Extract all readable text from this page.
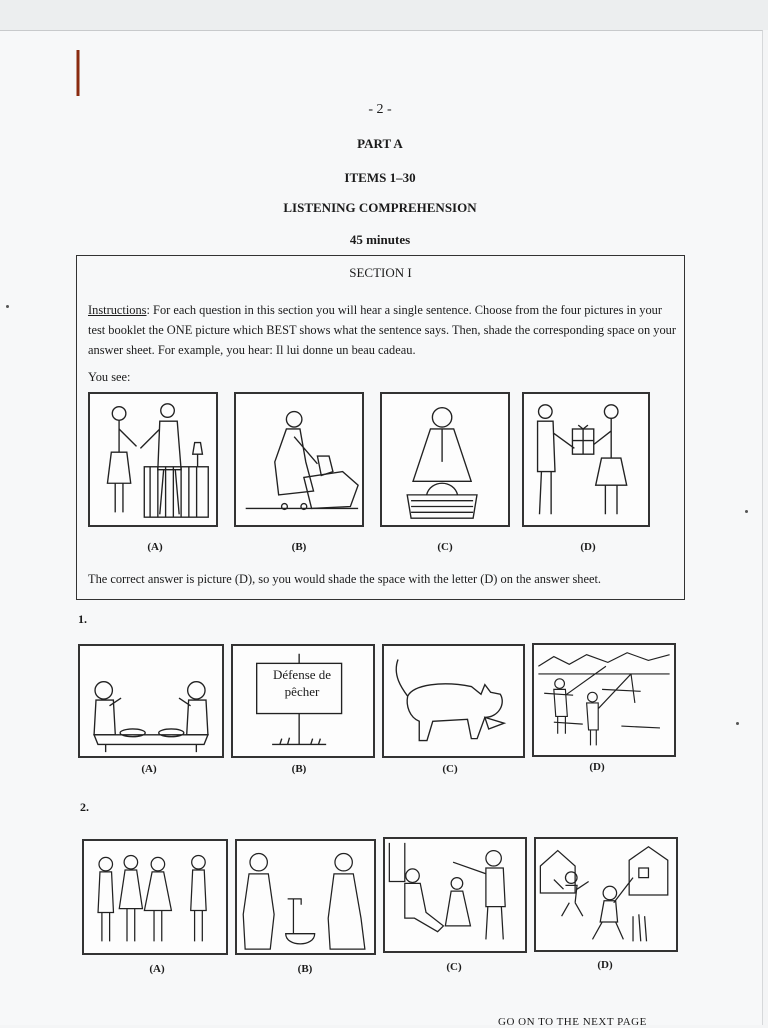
- 2 -
PART A
ITEMS 1–30
LISTENING COMPREHENSION
45 minutes
SECTION I

Instructions: For each question in this section you will hear a single sentence. Choose from the four pictures in your test booklet the ONE picture which BEST shows what the sentence says. Then, shade the corresponding space on your answer sheet. For example, you hear: Il lui donne un beau cadeau.

You see:
The correct answer is picture (D), so you would shade the space with the letter (D) on the answer sheet.
(A)	(B)	(C)	(D)
1.
Défense de pêcher
(A)	(B)	(C)	(D)
2.
(A)	(B)	(C)	(D)
GO ON TO THE NEXT PAGE
